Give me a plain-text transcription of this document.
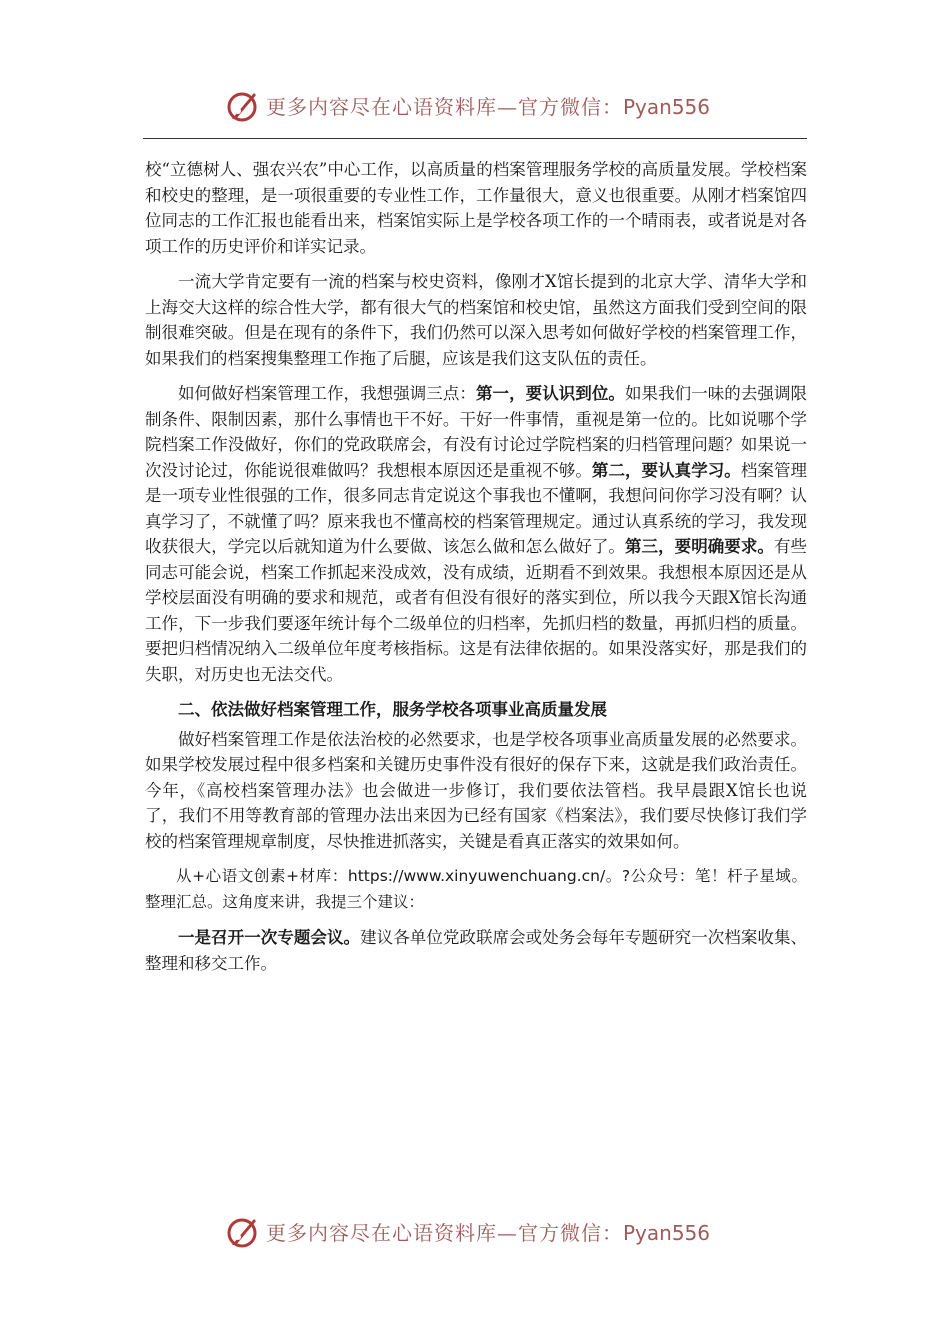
更多内容尽在心语资料库—官方微信：Pyan556

校“立德树人、强农兴农”中心工作，以高质量的档案管理服务学校的高质量发展。学校档案和校史的整理，是一项很重要的专业性工作，工作量很大，意义也很重要。从刚才档案馆四位同志的工作汇报也能看出来，档案馆实际上是学校各项工作的一个晴雨表，或者说是对各项工作的历史评价和详实记录。

一流大学肯定要有一流的档案与校史资料，像刚才X馆长提到的北京大学、清华大学和上海交大这样的综合性大学，都有很大气的档案馆和校史馆，虽然这方面我们受到空间的限制很难突破。但是在现有的条件下，我们仍然可以深入思考如何做好学校的档案管理工作，如果我们的档案搜集整理工作拖了后腿，应该是我们这支队伍的责任。

如何做好档案管理工作，我想强调三点：第一，要认识到位。如果我们一味的去强调限制条件、限制因素，那什么事情也干不好。干好一件事情，重视是第一位的。比如说哪个学院档案工作没做好，你们的党政联席会，有没有讨论过学院档案的归档管理问题？如果说一次没讨论过，你能说很难做吗？我想根本原因还是重视不够。第二，要认真学习。档案管理是一项专业性很强的工作，很多同志肯定说这个事我也不懂啊，我想问问你学习没有啊？认真学习了，不就懂了吗？原来我也不懂高校的档案管理规定。通过认真系统的学习，我发现收获很大，学完以后就知道为什么要做、该怎么做和怎么做好了。第三，要明确要求。有些同志可能会说，档案工作抓起来没成效，没有成绩，近期看不到效果。我想根本原因还是从学校层面没有明确的要求和规范，或者有但没有很好的落实到位，所以我今天跟X馆长沟通工作，下一步我们要逐年统计每个二级单位的归档率，先抓归档的数量，再抓归档的质量。要把归档情况纳入二级单位年度考核指标。这是有法律依据的。如果没落实好，那是我们的失职，对历史也无法交代。

二、依法做好档案管理工作，服务学校各项事业高质量发展

做好档案管理工作是依法治校的必然要求，也是学校各项事业高质量发展的必然要求。如果学校发展过程中很多档案和关键历史事件没有很好的保存下来，这就是我们政治责任。今年，《高校档案管理办法》也会做进一步修订，我们要依法管档。我早晨跟X馆长也说了，我们不用等教育部的管理办法出来因为已经有国家《档案法》，我们要尽快修订我们学校的档案管理规章制度，尽快推进抓落实，关键是看真正落实的效果如何。

从+心语文创素+材库：https://www.xinyuwenchuang.cn/。?公众号：笔！杆子星域。整理汇总。这角度来讲，我提三个建议：

一是召开一次专题会议。建议各单位党政联席会或处务会每年专题研究一次档案收集、整理和移交工作。

更多内容尽在心语资料库—官方微信：Pyan556
